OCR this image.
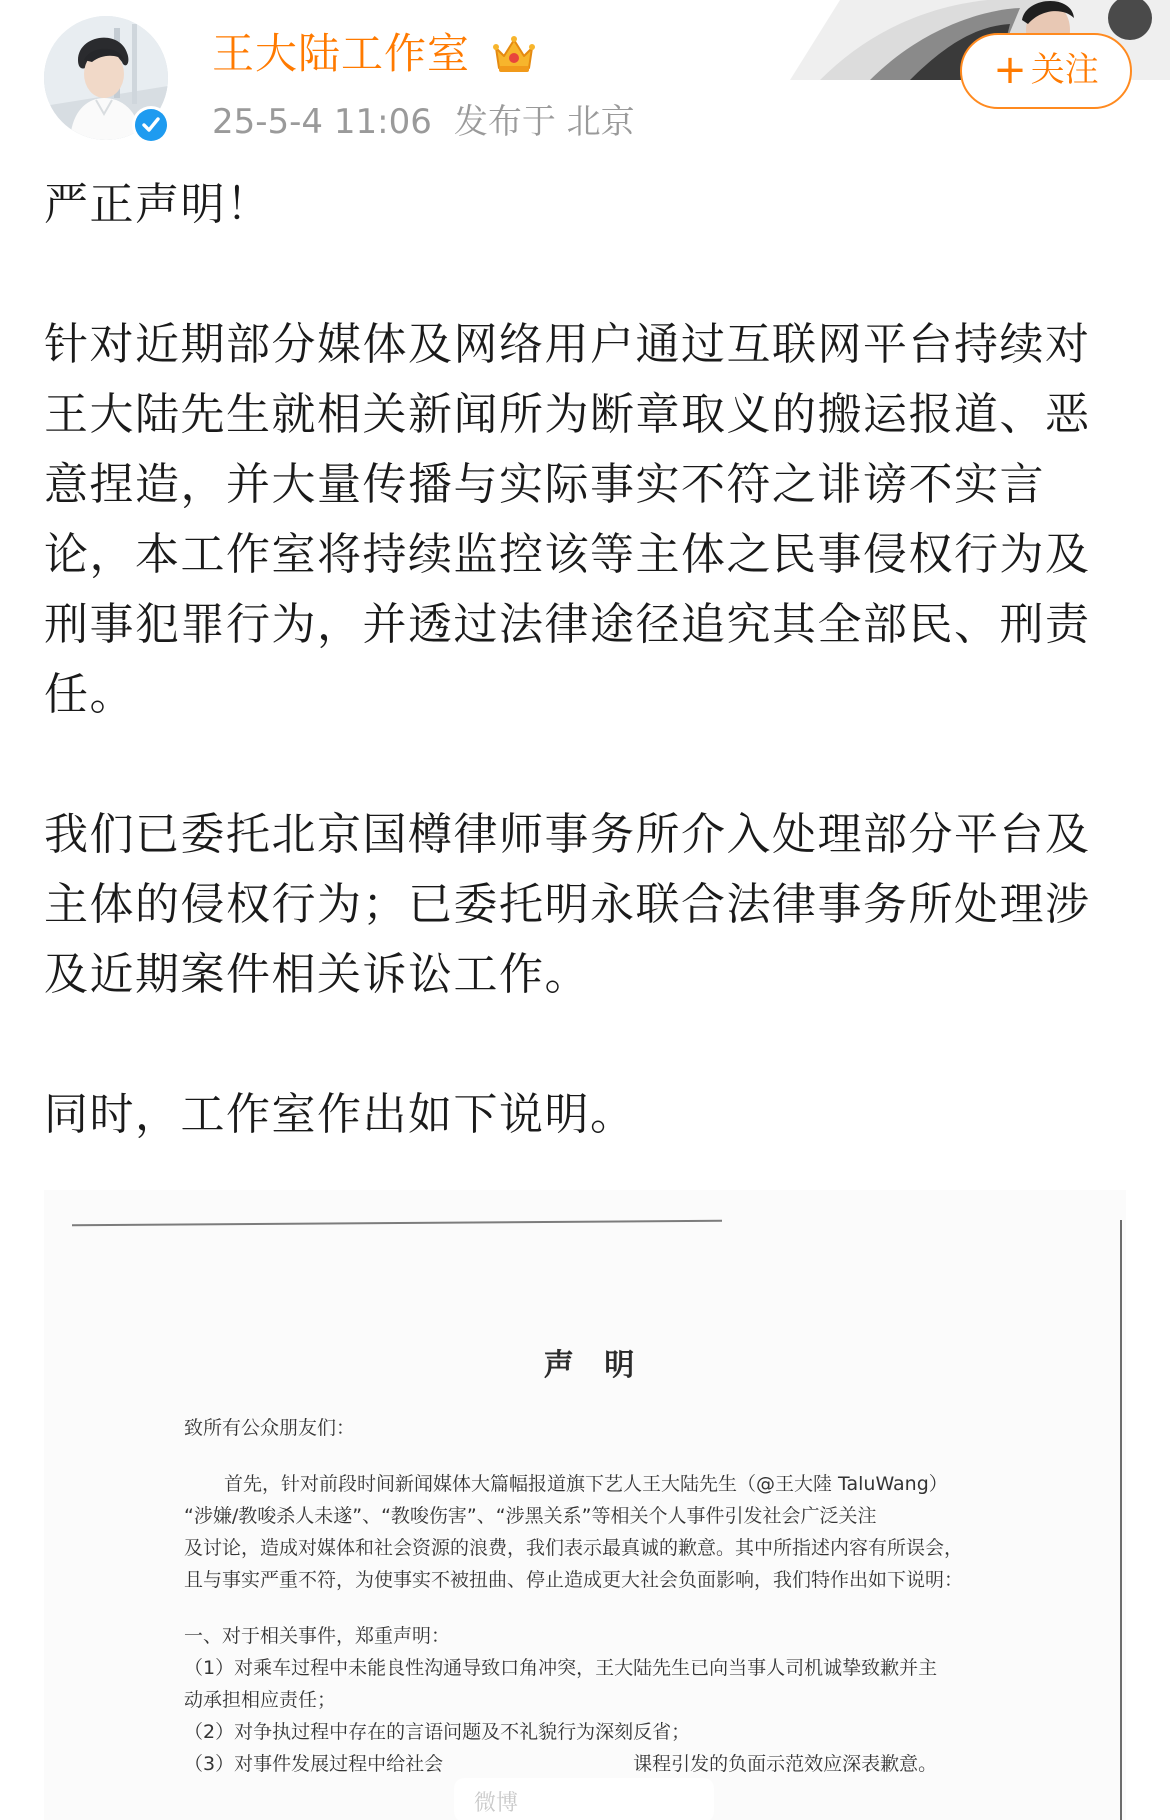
王大陆工作室
25-5-4 11:06 发布于 北京
+ 关注

严正声明！

针对近期部分媒体及网络用户通过互联网平台持续对王大陆先生就相关新闻所为断章取义的搬运报道、恶意捏造，并大量传播与实际事实不符之诽谤不实言论，本工作室将持续监控该等主体之民事侵权行为及刑事犯罪行为，并透过法律途径追究其全部民、刑责任。

我们已委托北京国樽律师事务所介入处理部分平台及主体的侵权行为；已委托明永联合法律事务所处理涉及近期案件相关诉讼工作。

同时，工作室作出如下说明。

声 明
致所有公众朋友们：
首先，针对前段时间新闻媒体大篇幅报道旗下艺人王大陆先生（@王大陸 TaluWang）
“涉嫌/教唆杀人未遂”、“教唆伤害”、“涉黑关系”等相关个人事件引发社会广泛关注
及讨论，造成对媒体和社会资源的浪费，我们表示最真诚的歉意。其中所指述内容有所误会，
且与事实严重不符，为使事实不被扭曲、停止造成更大社会负面影响，我们特作出如下说明：
一、对于相关事件，郑重声明：
（1）对乘车过程中未能良性沟通导致口角冲突，王大陆先生已向当事人司机诚挚致歉并主
动承担相应责任；
（2）对争执过程中存在的言语问题及不礼貌行为深刻反省；
（3）对事件发展过程中给社会　　　　　　　　　　课程引发的负面示范效应深表歉意。
微博
